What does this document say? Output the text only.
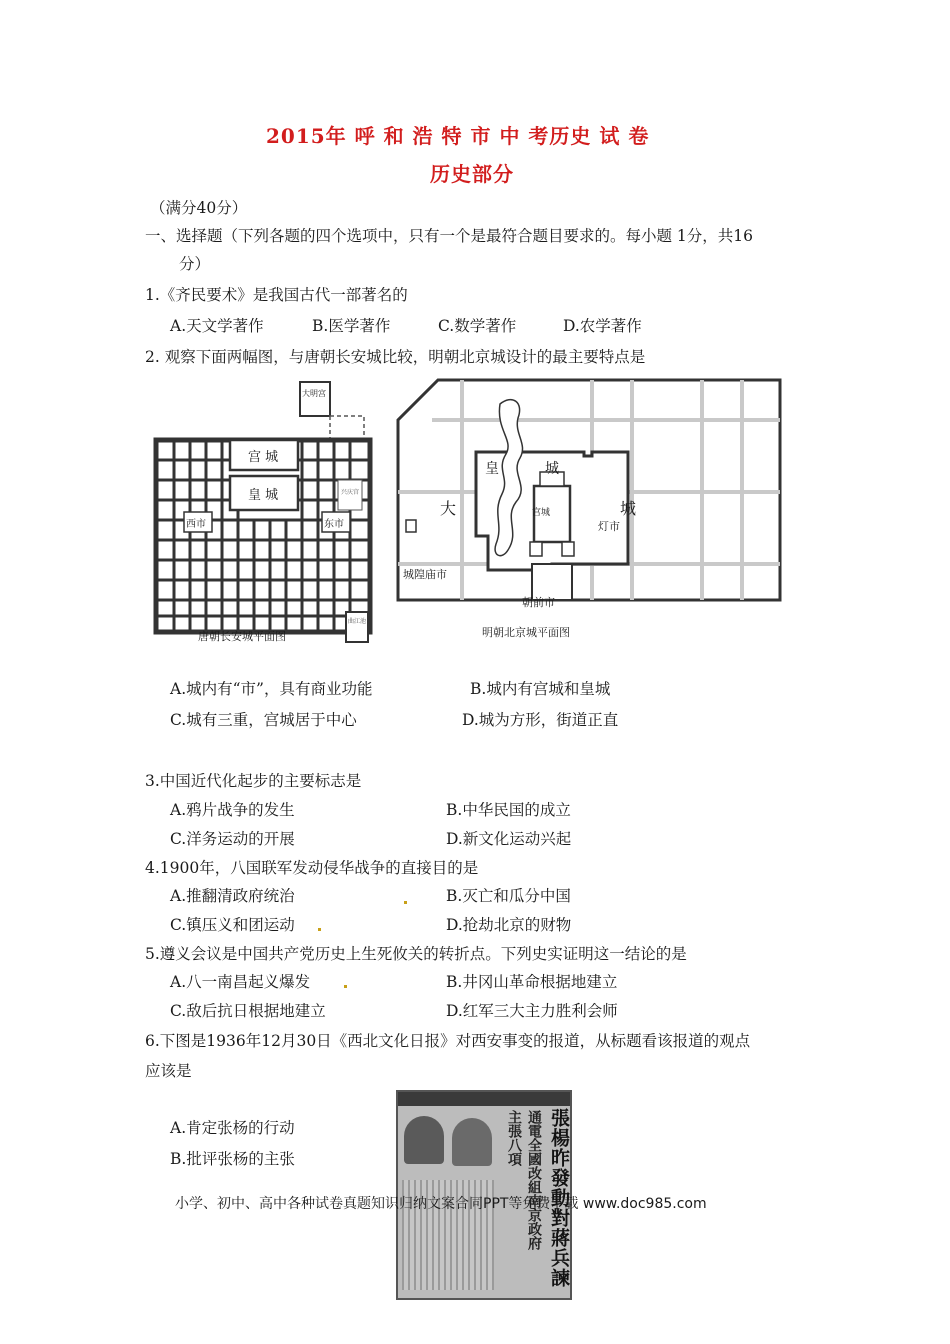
2015年 呼 和 浩 特 市 中 考历史 试 卷
历史部分
（满分40分）
一、选择题（下列各题的四个选项中，只有一个是最符合题目要求的。每小题 1分，共16
分）
1.《齐民要术》是我国古代一部著名的
A.天文学著作	B.医学著作	C.数学著作	D.农学著作
2. 观察下面两幅图，与唐朝长安城比较，明朝北京城设计的最主要特点是
大明宫
宫 城
皇 城
西市	东市
兴庆宫
曲江池
唐朝长安城平面图
皇	城
大	城
宫城
灯市
城隍庙市
朝前市
明朝北京城平面图
A.城内有“市”，具有商业功能	B.城内有宫城和皇城
C.城有三重，宫城居于中心	D.城为方形，街道正直
3.中国近代化起步的主要标志是
A.鸦片战争的发生	B.中华民国的成立
C.洋务运动的开展	D.新文化运动兴起
4.1900年，八国联军发动侵华战争的直接目的是
A.推翻清政府统治	B.灭亡和瓜分中国
C.镇压义和团运动	D.抢劫北京的财物
5.遵义会议是中国共产党历史上生死攸关的转折点。下列史实证明这一结论的是
A.八一南昌起义爆发	B.井冈山革命根据地建立
C.敌后抗日根据地建立	D.红军三大主力胜利会师
6.下图是1936年12月30日《西北文化日报》对西安事变的报道，从标题看该报道的观点
应该是
張楊昨發動對蔣兵諫
通電全國改組南京政府
主張八項
A.肯定张杨的行动
B.批评张杨的主张
小学、初中、高中各种试卷真题知识归纳文案合同PPT等免费下载 www.doc985.com
